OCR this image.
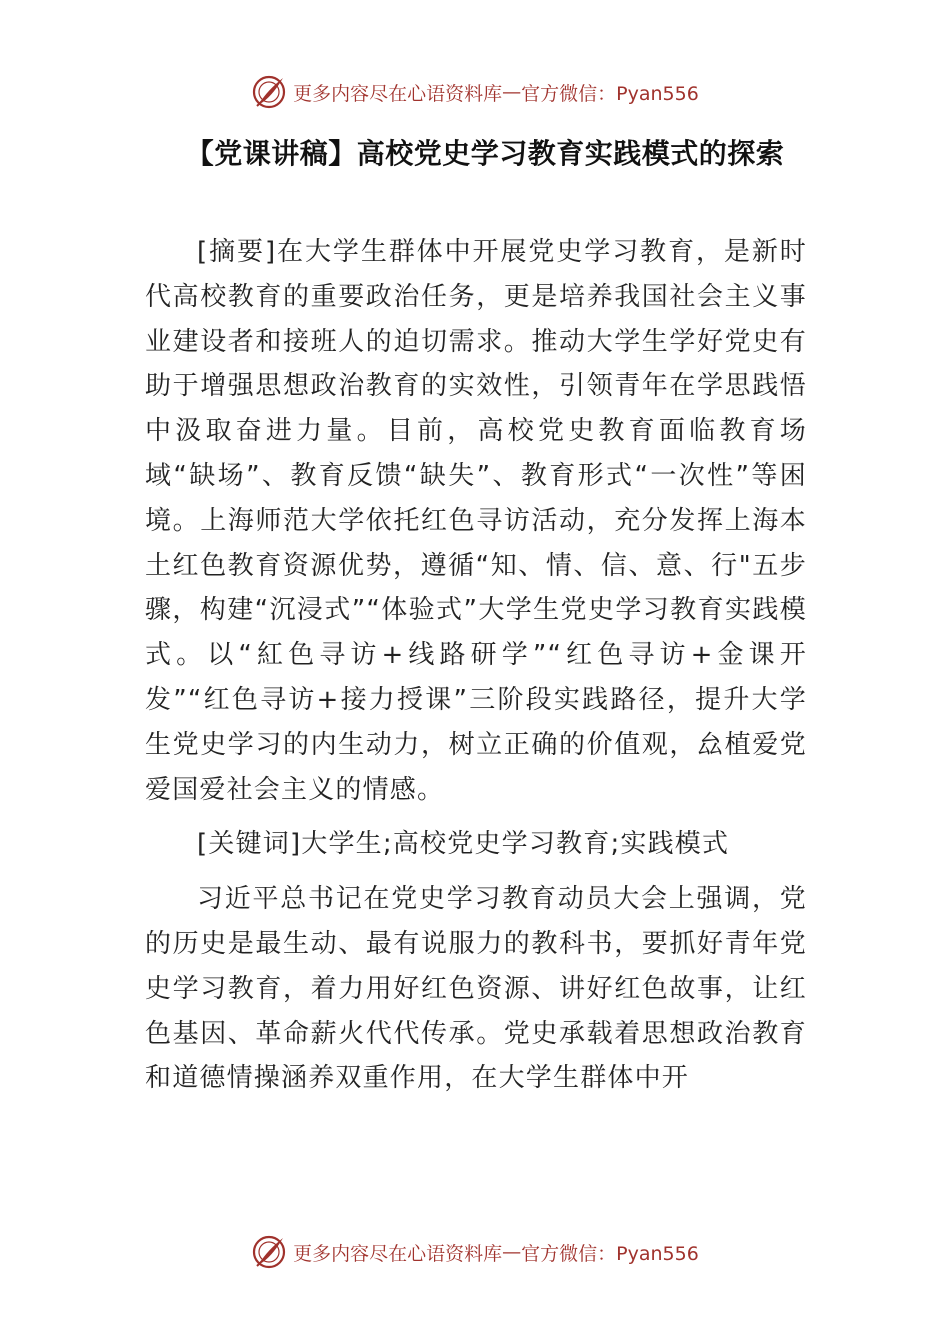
更多内容尽在心语资料库 — 官方微信：Pyan556
【党课讲稿】高校党史学习教育实践模式的探索

[摘要]在大学生群体中开展党史学习教育，是新时代高校教育的重要政治任务，更是培养我国社会主义事业建设者和接班人的迫切需求。推动大学生学好党史有助于增强思想政治教育的实效性，引领青年在学思践悟中汲取奋进力量。目前，高校党史教育面临教育场域“缺场”、教育反馈“缺失”、教育形式“一次性”等困境。上海师范大学依托红色寻访活动，充分发挥上海本土红色教育资源优势，遵循“知、情、信、意、行"五步骤，构建“沉浸式”“体验式”大学生党史学习教育实践模式。以“紅色寻访+线路研学”“红色寻访+金课开发”“红色寻访+接力授课”三阶段实践路径，提升大学生党史学习的内生动力，树立正确的价值观，厽植爱党爱国爱社会主义的情感。

[关键词]大学生;高校党史学习教育;实践模式

习近平总书记在党史学习教育动员大会上强调，党的历史是最生动、最有说服力的教科书，要抓好青年党史学习教育，着力用好红色资源、讲好红色故事，让红色基因、革命薪火代代传承。党史承载着思想政治教育和道德情操涵养双重作用，在大学生群体中开

更多内容尽在心语资料库 — 官方微信：Pyan556
